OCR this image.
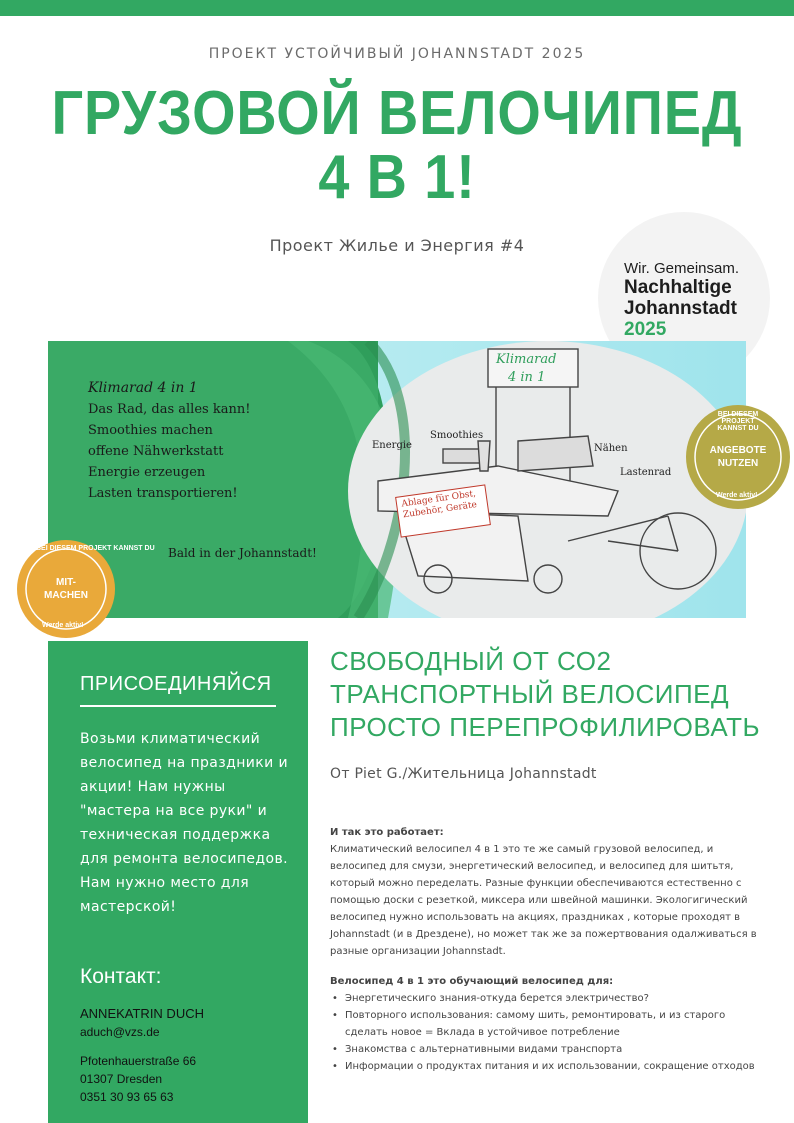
ПРОЕКТ УСТОЙЧИВЫЙ JOHANNSTADT 2025
ГРУЗОВОЙ ВЕЛОЧИПЕД
4 В 1!
Проект Жилье и Энергия #4
Wir. Gemeinsam.
Nachhaltige
Johannstadt
2025
Klimarad 4 in 1
Das Rad, das alles kann!
Smoothies machen
offene Nähwerkstatt
Energie erzeugen
Lasten transportieren!
Bald in der Johannstadt!
Klimarad
4 in 1
Energie
Smoothies
Nähen
Lastenrad
Ablage für Obst, Zubehör, Geräte
MIT-
MACHEN
BEI DIESEM PROJEKT KANNST DU
Werde aktiv!
ANGEBOTE
NUTZEN
BEI DIESEM PROJEKT KANNST DU
Werde aktiv!
ПРИСОЕДИНЯЙСЯ
Возьми климатический велосипед на праздники и акции! Нам нужны "мастера на все руки" и техническая поддержка для ремонта велосипедов. Нам нужно место для мастерской!
Контакт:
ANNEKATRIN DUCH
aduch@vzs.de
Pfotenhauerstraße 66
01307 Dresden
0351 30 93 65 63
СВОБОДНЫЙ ОТ СО2 ТРАНСПОРТНЫЙ ВЕЛОСИПЕД ПРОСТО ПЕРЕПРОФИЛИРОВАТЬ
От Piet G./Жительница Johannstadt
И так это работает:
Климатический велосипел 4 в 1 это те же самый грузовой велосипед, и велосипед для смузи, энергетический велосипед, и велосипед для шитьтя, который можно переделать. Разные функции обеспечиваются естественно с помощью доски с резеткой, миксера или швейной машинки. Экологигический велосипед нужно использовать на акциях, праздниках , которые проходят в Johannstadt (и в Дрездене), но может так же за пожертвования одалживаться в разные организации Johannstadt.
Велосипед 4 в 1 это обучающий велосипед для:
• Энергетическиго знания-откуда берется электричество?
• Повторного использования: самому шить, ремонтировать, и из старого сделать новое = Вклада в устойчивое потребление
• Знакомства с альтернативными видами транспорта
• Информации о продуктах питания и их использовании, сокращение отходов
